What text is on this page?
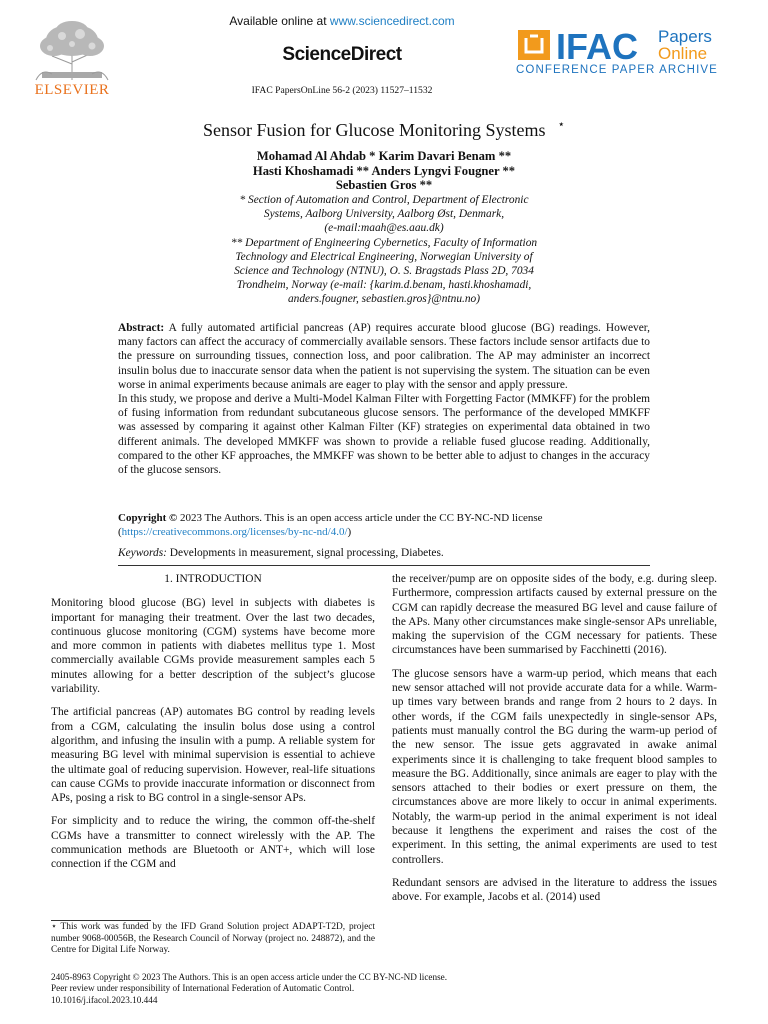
ELSEVIER
Available online at www.sciencedirect.com
ScienceDirect
IFAC PapersOnLine 56-2 (2023) 11527–11532
IFAC Papers
Online
CONFERENCE PAPER ARCHIVE
Sensor Fusion for Glucose Monitoring Systems ⋆
Mohamad Al Ahdab * Karim Davari Benam **
Hasti Khoshamadi ** Anders Lyngvi Fougner **
Sebastien Gros **
* Section of Automation and Control, Department of Electronic
Systems, Aalborg University, Aalborg Øst, Denmark,
(e-mail:maah@es.aau.dk)
** Department of Engineering Cybernetics, Faculty of Information
Technology and Electrical Engineering, Norwegian University of
Science and Technology (NTNU), O. S. Bragstads Plass 2D, 7034
Trondheim, Norway (e-mail: {karim.d.benam, hasti.khoshamadi,
anders.fougner, sebastien.gros}@ntnu.no)
Abstract: A fully automated artificial pancreas (AP) requires accurate blood glucose (BG) readings. However, many factors can affect the accuracy of commercially available sensors. These factors include sensor artifacts due to the pressure on surrounding tissues, connection loss, and poor calibration. The AP may administer an incorrect insulin bolus due to inaccurate sensor data when the patient is not supervising the system. The situation can be even worse in animal experiments because animals are eager to play with the sensor and apply pressure.
In this study, we propose and derive a Multi-Model Kalman Filter with Forgetting Factor (MMKFF) for the problem of fusing information from redundant subcutaneous glucose sensors. The performance of the developed MMKFF was assessed by comparing it against other Kalman Filter (KF) strategies on experimental data obtained in two different animals. The developed MMKFF was shown to provide a reliable fused glucose reading. Additionally, compared to the other KF approaches, the MMKFF was shown to be better able to adjust to changes in the accuracy of the glucose sensors.
Copyright © 2023 The Authors. This is an open access article under the CC BY-NC-ND license
(https://creativecommons.org/licenses/by-nc-nd/4.0/)
Keywords: Developments in measurement, signal processing, Diabetes.
1. INTRODUCTION

Monitoring blood glucose (BG) level in subjects with diabetes is important for managing their treatment. Over the last two decades, continuous glucose monitoring (CGM) systems have become more and more common in patients with diabetes mellitus type 1. Most commercially available CGMs provide measurement samples each 5 minutes allowing for a better description of the subject’s glucose variability.

The artificial pancreas (AP) automates BG control by reading levels from a CGM, calculating the insulin bolus dose using a control algorithm, and infusing the insulin with a pump. A reliable system for measuring BG level with minimal supervision is essential to achieve the ultimate goal of reducing supervision. However, real-life situations can cause CGMs to provide inaccurate information or disconnect from APs, posing a risk to BG control in a single-sensor APs.

For simplicity and to reduce the wiring, the common off-the-shelf CGMs have a transmitter to connect wirelessly with the AP. The communication methods are Bluetooth or ANT+, which will lose connection if the CGM and

⋆ This work was funded by the IFD Grand Solution project ADAPT-T2D, project number 9068-00056B, the Research Council of Norway (project no. 248872), and the Centre for Digital Life Norway.

the receiver/pump are on opposite sides of the body, e.g. during sleep. Furthermore, compression artifacts caused by external pressure on the CGM can rapidly decrease the measured BG level and cause failure of the APs. Many other circumstances make single-sensor APs unreliable, making the supervision of the CGM necessary for patients. These circumstances have been summarised by Facchinetti (2016).

The glucose sensors have a warm-up period, which means that each new sensor attached will not provide accurate data for a while. Warm-up times vary between brands and range from 2 hours to 2 days. In other words, if the CGM fails unexpectedly in single-sensor APs, patients must manually control the BG during the warm-up period of the new sensor. The issue gets aggravated in awake animal experiments since it is challenging to take frequent blood samples to measure the BG. Additionally, since animals are eager to play with the sensors attached to their bodies or exert pressure on them, the circumstances above are more likely to occur in animal experiments. Notably, the warm-up period in the animal experiment is not ideal because it lengthens the experiment and raises the cost of the experiment. In this setting, the animal experiments are used to test controllers.

Redundant sensors are advised in the literature to address the issues above. For example, Jacobs et al. (2014) used

2405-8963 Copyright © 2023 The Authors. This is an open access article under the CC BY-NC-ND license.
Peer review under responsibility of International Federation of Automatic Control.
10.1016/j.ifacol.2023.10.444
